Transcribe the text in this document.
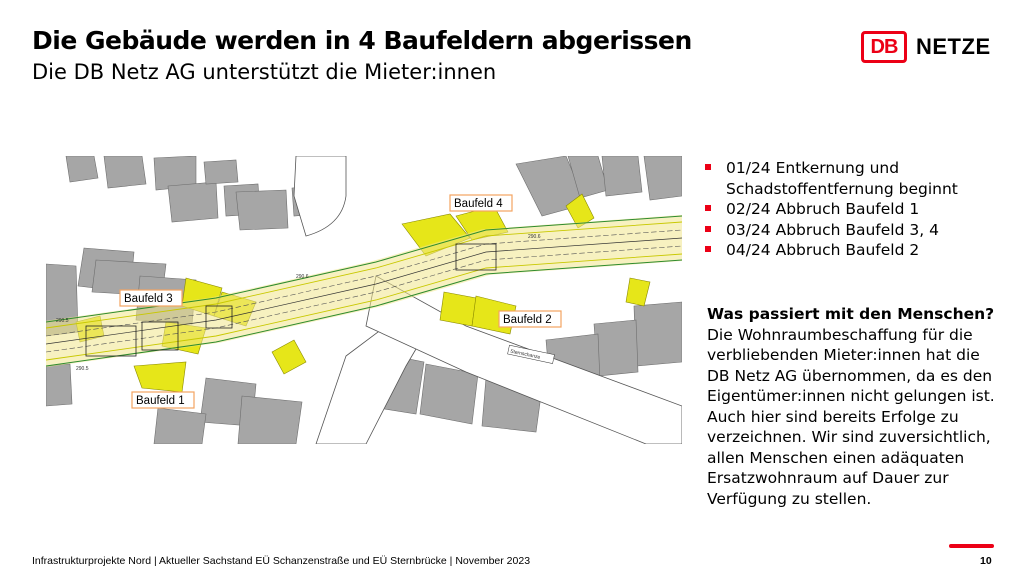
Die Gebäude werden in 4 Baufeldern abgerissen
Die DB Netz AG unterstützt die Mieter:innen
DB NETZE
290.6
290.6
290.5
290.5
Baufeld 4
Baufeld 3
Baufeld 2
Baufeld 1
Sternschanze
01/24 Entkernung und Schadstoffentfernung beginnt
02/24 Abbruch Baufeld 1
03/24 Abbruch Baufeld 3, 4
04/24 Abbruch Baufeld 2
Was passiert mit den Menschen?
Die Wohnraumbeschaffung für die verbliebenden Mieter:innen hat die DB Netz AG übernommen, da es den Eigentümer:innen nicht gelungen ist. Auch hier sind bereits Erfolge zu verzeichnen. Wir sind zuversichtlich, allen Menschen einen adäquaten Ersatzwohnraum auf Dauer zur Verfügung zu stellen.
Infrastrukturprojekte Nord | Aktueller Sachstand EÜ Schanzenstraße und EÜ Sternbrücke | November 2023	10
